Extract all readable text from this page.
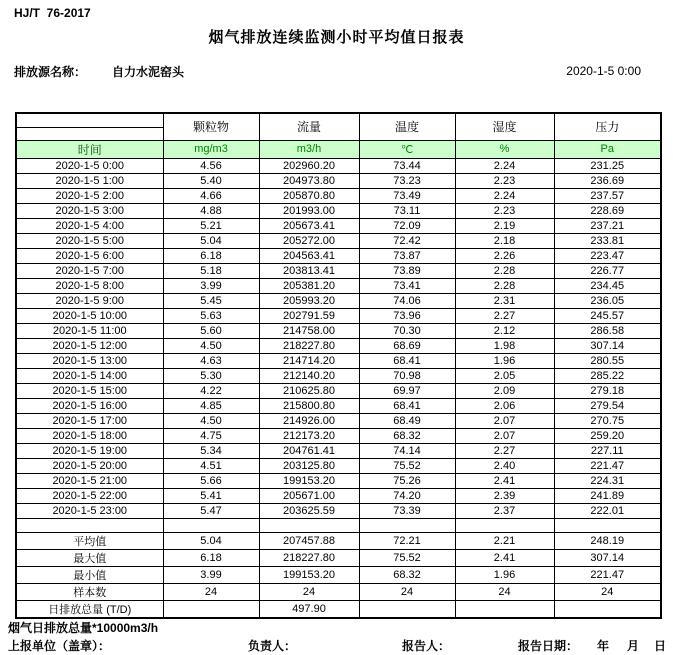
HJ/T  76-2017
烟气排放连续监测小时平均值日报表
排放源名称： 自力水泥窑头	2020-1-5 0:00
	颗粒物	流量	温度	湿度	压力
时间	mg/m3	m3/h	℃	%	Pa
2020-1-5 0:00	4.56	202960.20	73.44	2.24	231.25
2020-1-5 1:00	5.40	204973.80	73.23	2.23	236.69
2020-1-5 2:00	4.66	205870.80	73.49	2.24	237.57
2020-1-5 3:00	4.88	201993.00	73.11	2.23	228.69
2020-1-5 4:00	5.21	205673.41	72.09	2.19	237.21
2020-1-5 5:00	5.04	205272.00	72.42	2.18	233.81
2020-1-5 6:00	6.18	204563.41	73.87	2.26	223.47
2020-1-5 7:00	5.18	203813.41	73.89	2.28	226.77
2020-1-5 8:00	3.99	205381.20	73.41	2.28	234.45
2020-1-5 9:00	5.45	205993.20	74.06	2.31	236.05
2020-1-5 10:00	5.63	202791.59	73.96	2.27	245.57
2020-1-5 11:00	5.60	214758.00	70.30	2.12	286.58
2020-1-5 12:00	4.50	218227.80	68.69	1.98	307.14
2020-1-5 13:00	4.63	214714.20	68.41	1.96	280.55
2020-1-5 14:00	5.30	212140.20	70.98	2.05	285.22
2020-1-5 15:00	4.22	210625.80	69.97	2.09	279.18
2020-1-5 16:00	4.85	215800.80	68.41	2.06	279.54
2020-1-5 17:00	4.50	214926.00	68.49	2.07	270.75
2020-1-5 18:00	4.75	212173.20	68.32	2.07	259.20
2020-1-5 19:00	5.34	204761.41	74.14	2.27	227.11
2020-1-5 20:00	4.51	203125.80	75.52	2.40	221.47
2020-1-5 21:00	5.66	199153.20	75.26	2.41	224.31
2020-1-5 22:00	5.41	205671.00	74.20	2.39	241.89
2020-1-5 23:00	5.47	203625.59	73.39	2.37	222.01

平均值	5.04	207457.88	72.21	2.21	248.19
最大值	6.18	218227.80	75.52	2.41	307.14
最小值	3.99	199153.20	68.32	1.96	221.47
样本数	24	24	24	24	24
日排放总量 (T/D)		497.90			
烟气日排放总量*10000m3/h
上报单位（盖章）：	负责人：	报告人：	报告日期： 年 月 日
